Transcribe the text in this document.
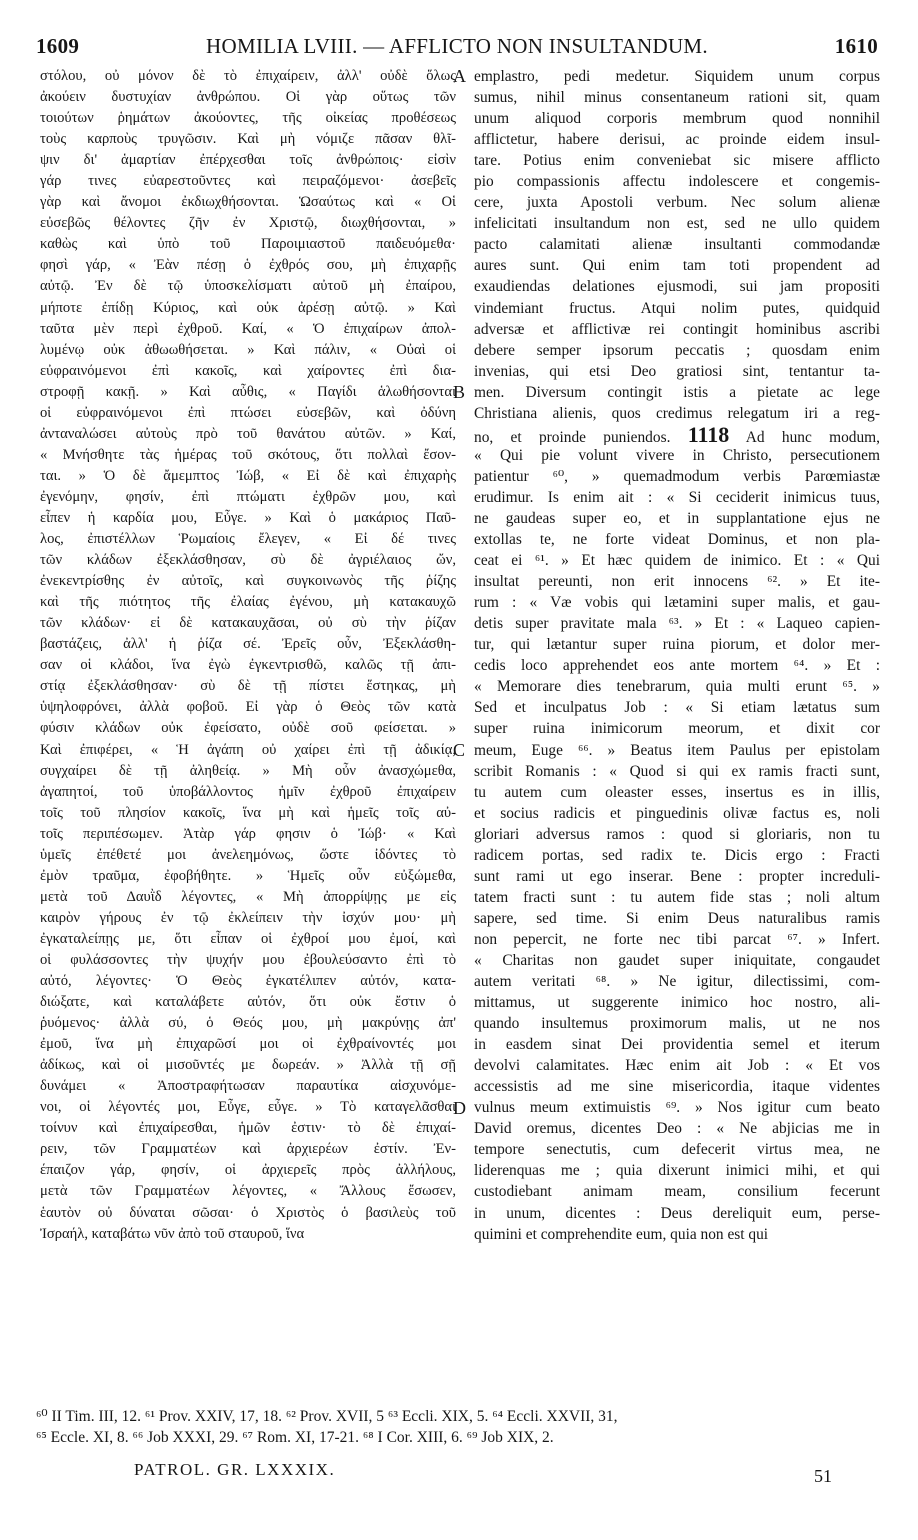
1609	HOMILIA LVIII. — AFFLICTO NON INSULTANDUM.	1610
στόλου, οὐ μόνον δὲ τὸ ἐπιχαίρειν, ἀλλ' οὐδὲ ὅλως
ἀκούειν δυστυχίαν ἀνθρώπου. Οἱ γὰρ οὕτως τῶν
τοιούτων ῥημάτων ἀκούοντες, τῆς οἰκείας προθέσεως
τοὺς καρποὺς τρυγῶσιν. Καὶ μὴ νόμιζε πᾶσαν θλῖ-
ψιν δι' ἁμαρτίαν ἐπέρχεσθαι τοῖς ἀνθρώποις· εἰσὶν
γάρ τινες εὐαρεστοῦντες καὶ πειραζόμενοι· ἀσεβεῖς
γὰρ καὶ ἄνομοι ἐκδιωχθήσονται. Ὡσαύτως καὶ « Οἱ
εὐσεβῶς θέλοντες ζῆν ἐν Χριστῷ, διωχθήσονται, »
καθὼς καὶ ὑπὸ τοῦ Παροιμιαστοῦ παιδευόμεθα·
φησὶ γάρ, « Ἐὰν πέσῃ ὁ ἐχθρός σου, μὴ ἐπιχαρῇς
αὐτῷ. Ἐν δὲ τῷ ὑποσκελίσματι αὐτοῦ μὴ ἐπαίρου,
μήποτε ἐπίδῃ Κύριος, καὶ οὐκ ἀρέσῃ αὐτῷ. » Καὶ
ταῦτα μὲν περὶ ἐχθροῦ. Καί, « Ὁ ἐπιχαίρων ἀπολ-
λυμένῳ οὐκ ἀθωωθήσεται. » Καὶ πάλιν, « Οὐαὶ οἱ
εὐφραινόμενοι ἐπὶ κακοῖς, καὶ χαίροντες ἐπὶ δια-
στροφῇ κακῇ. » Καὶ αὖθις, « Παγίδι ἁλωθήσονται
οἱ εὐφραινόμενοι ἐπὶ πτώσει εὐσεβῶν, καὶ ὀδύνη
ἀνταναλώσει αὐτοὺς πρὸ τοῦ θανάτου αὐτῶν. » Καί,
« Μνήσθητε τὰς ἡμέρας τοῦ σκότους, ὅτι πολλαὶ ἔσον-
ται. » Ὁ δὲ ἄμεμπτος Ἰώβ, « Εἰ δὲ καὶ ἐπιχαρὴς
ἐγενόμην, φησίν, ἐπὶ πτώματι ἐχθρῶν μου, καὶ
εἶπεν ἡ καρδία μου, Εὖγε. » Καὶ ὁ μακάριος Παῦ-
λος, ἐπιστέλλων Ῥωμαίοις ἔλεγεν, « Εἰ δέ τινες
τῶν κλάδων ἐξεκλάσθησαν, σὺ δὲ ἀγριέλαιος ὤν,
ἐνεκεντρίσθης ἐν αὐτοῖς, καὶ συγκοινωνὸς τῆς ῥίζης
καὶ τῆς πιότητος τῆς ἐλαίας ἐγένου, μὴ κατακαυχῶ
τῶν κλάδων· εἰ δὲ κατακαυχᾶσαι, οὐ σὺ τὴν ῥίζαν
βαστάζεις, ἀλλ' ἡ ῥίζα σέ. Ἐρεῖς οὖν, Ἐξεκλάσθη-
σαν οἱ κλάδοι, ἵνα ἐγὼ ἐγκεντρισθῶ, καλῶς τῇ ἀπι-
στίᾳ ἐξεκλάσθησαν· σὺ δὲ τῇ πίστει ἕστηκας, μὴ
ὑψηλοφρόνει, ἀλλὰ φοβοῦ. Εἰ γὰρ ὁ Θεὸς τῶν κατὰ
φύσιν κλάδων οὐκ ἐφείσατο, οὐδὲ σοῦ φείσεται. »
Καὶ ἐπιφέρει, « Ἡ ἀγάπη οὐ χαίρει ἐπὶ τῇ ἀδικίᾳ,
συγχαίρει δὲ τῇ ἀληθείᾳ. » Μὴ οὖν ἀνασχώμεθα,
ἀγαπητοί, τοῦ ὑποβάλλοντος ἡμῖν ἐχθροῦ ἐπιχαίρειν
τοῖς τοῦ πλησίον κακοῖς, ἵνα μὴ καὶ ἡμεῖς τοῖς αὐ-
τοῖς περιπέσωμεν. Ἀτὰρ γάρ φησιν ὁ Ἰώβ· « Καὶ
ὑμεῖς ἐπέθετέ μοι ἀνελεημόνως, ὥστε ἰδόντες τὸ
ἐμὸν τραῦμα, ἐφοβήθητε. » Ἡμεῖς οὖν εὐξώμεθα,
μετὰ τοῦ Δαυῒδ λέγοντες, « Μὴ ἀπορρίψῃς με εἰς
καιρὸν γήρους ἐν τῷ ἐκλείπειν τὴν ἰσχύν μου· μὴ
ἐγκαταλείπῃς με, ὅτι εἶπαν οἱ ἐχθροί μου ἐμοί, καὶ
οἱ φυλάσσοντες τὴν ψυχήν μου ἐβουλεύσαντο ἐπὶ τὸ
αὐτό, λέγοντες· Ὁ Θεὸς ἐγκατέλιπεν αὐτόν, κατα-
διώξατε, καὶ καταλάβετε αὐτόν, ὅτι οὐκ ἔστιν ὁ
ῥυόμενος· ἀλλὰ σύ, ὁ Θεός μου, μὴ μακρύνῃς ἀπ'
ἐμοῦ, ἵνα μὴ ἐπιχαρῶσί μοι οἱ ἐχθραίνοντές μοι
ἀδίκως, καὶ οἱ μισοῦντές με δωρεάν. » Ἀλλὰ τῇ σῇ
δυνάμει « Ἀποστραφήτωσαν παραυτίκα αἰσχυνόμε-
νοι, οἱ λέγοντές μοι, Εὖγε, εὖγε. » Τὸ καταγελᾶσθαι
τοίνυν καὶ ἐπιχαίρεσθαι, ἡμῶν ἐστιν· τὸ δὲ ἐπιχαί-
ρειν, τῶν Γραμματέων καὶ ἀρχιερέων ἐστίν. Ἐν-
έπαιζον γάρ, φησίν, οἱ ἀρχιερεῖς πρὸς ἀλλήλους,
μετὰ τῶν Γραμματέων λέγοντες, « Ἄλλους ἔσωσεν,
ἑαυτὸν οὐ δύναται σῶσαι· ὁ Χριστὸς ὁ βασιλεὺς τοῦ
Ἰσραήλ, καταβάτω νῦν ἀπὸ τοῦ σταυροῦ, ἵνα
emplastro, pedi medetur. Siquidem unum corpus
sumus, nihil minus consentaneum rationi sit, quam
unum aliquod corporis membrum quod nonnihil
afflictetur, habere derisui, ac proinde eidem insul-
tare. Potius enim conveniebat sic misere afflicto
pio compassionis affectu indolescere et congemis-
cere, juxta Apostoli verbum. Nec solum alienæ
infelicitati insultandum non est, sed ne ullo quidem
pacto calamitati alienæ insultanti commodandæ
aures sunt. Qui enim tam toti propendent ad
exaudiendas delationes ejusmodi, sui jam propositi
vindemiant fructus. Atqui nolim putes, quidquid
adversæ et afflictivæ rei contingit hominibus ascribi
debere semper ipsorum peccatis ; quosdam enim
invenias, qui etsi Deo gratiosi sint, tentantur ta-
men. Diversum contingit istis a pietate ac lege
Christiana alienis, quos credimus relegatum iri a reg-
no, et proinde puniendos. 1118 Ad hunc modum,
« Qui pie volunt vivere in Christo, persecutionem
patientur ⁶⁰, » quemadmodum verbis Parœmiastæ
erudimur. Is enim ait : « Si ceciderit inimicus tuus,
ne gaudeas super eo, et in supplantatione ejus ne
extollas te, ne forte videat Dominus, et non pla-
ceat ei ⁶¹. » Et hæc quidem de inimico. Et : « Qui
insultat pereunti, non erit innocens ⁶². » Et ite-
rum : « Væ vobis qui lætamini super malis, et gau-
detis super pravitate mala ⁶³. » Et : « Laqueo capien-
tur, qui lætantur super ruina piorum, et dolor mer-
cedis loco apprehendet eos ante mortem ⁶⁴. » Et :
« Memorare dies tenebrarum, quia multi erunt ⁶⁵. »
Sed et inculpatus Job : « Si etiam lætatus sum
super ruina inimicorum meorum, et dixit cor
meum, Euge ⁶⁶. » Beatus item Paulus per epistolam
scribit Romanis : « Quod si qui ex ramis fracti sunt,
tu autem cum oleaster esses, insertus es in illis,
et socius radicis et pinguedinis olivæ factus es, noli
gloriari adversus ramos : quod si gloriaris, non tu
radicem portas, sed radix te. Dicis ergo : Fracti
sunt rami ut ego inserar. Bene : propter increduli-
tatem fracti sunt : tu autem fide stas ; noli altum
sapere, sed time. Si enim Deus naturalibus ramis
non pepercit, ne forte nec tibi parcat ⁶⁷. » Infert.
« Charitas non gaudet super iniquitate, congaudet
autem veritati ⁶⁸. » Ne igitur, dilectissimi, com-
mittamus, ut suggerente inimico hoc nostro, ali-
quando insultemus proximorum malis, ut ne nos
in easdem sinat Dei providentia semel et iterum
devolvi calamitates. Hæc enim ait Job : « Et vos
accessistis ad me sine misericordia, itaque videntes
vulnus meum extimuistis ⁶⁹. » Nos igitur cum beato
David oremus, dicentes Deo : « Ne abjicias me in
tempore senectutis, cum defecerit virtus mea, ne
liderenquas me ; quia dixerunt inimici mihi, et qui
custodiebant animam meam, consilium fecerunt
in unum, dicentes : Deus dereliquit eum, perse-
quimini et comprehendite eum, quia non est qui
A
B
C
D
⁶⁰ II Tim. III, 12. ⁶¹ Prov. XXIV, 17, 18. ⁶² Prov. XVII, 5 ⁶³ Eccli. XIX, 5. ⁶⁴ Eccli. XXVII, 31,
⁶⁵ Eccle. XI, 8. ⁶⁶ Job XXXI, 29. ⁶⁷ Rom. XI, 17-21. ⁶⁸ I Cor. XIII, 6. ⁶⁹ Job XIX, 2.
PATROL. GR. LXXXIX.	51
